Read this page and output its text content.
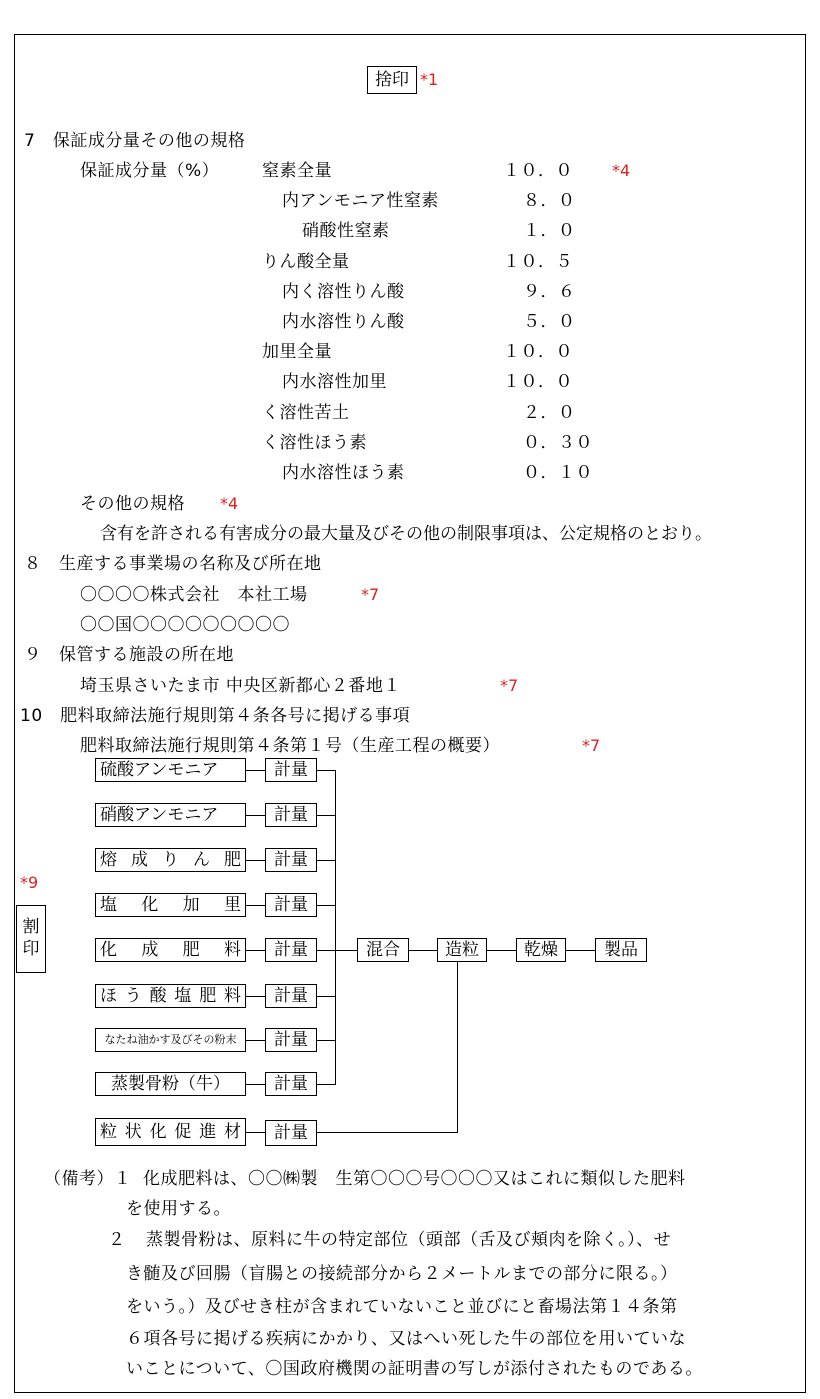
捨印 *1
7　保証成分量その他の規格
保証成分量（%）	窒素全量	１０．０ *4
内アンモニア性窒素	８．０
硝酸性窒素	１．０
りん酸全量	１０．５
内く溶性りん酸	９．６
内水溶性りん酸	５．０
加里全量	１０．０
内水溶性加里	１０．０
く溶性苦土	２．０
く溶性ほう素	０．３０
内水溶性ほう素	０．１０
その他の規格 *4
含有を許される有害成分の最大量及びその他の制限事項は、公定規格のとおり。
８　生産する事業場の名称及び所在地
〇〇〇〇株式会社　本社工場	*7
〇〇国〇〇〇〇〇〇〇〇〇
９　保管する施設の所在地
埼玉県さいたま市 中央区新都心２番地１	*7
10　肥料取締法施行規則第４条各号に掲げる事項
肥料取締法施行規則第４条第１号（生産工程の概要）	*7
硫酸アンモニア
硝酸アンモニア
熔 成 り ん 肥
塩 化 加 里
化 成 肥 料
ほ う 酸 塩 肥 料
なたね油かす及びその粉末
蒸製骨粉（牛）
粒 状 化 促 進 材
計量
計量
計量
計量
計量
計量
計量
計量
計量
混合	造粒	乾燥	製品
*9
割
印
（備考）１ 化成肥料は、〇〇㈱製　生第〇〇〇号〇〇〇又はこれに類似した肥料
を使用する。
２ 蒸製骨粉は、原料に牛の特定部位（頭部（舌及び頬肉を除く。）、せ
き髄及び回腸（盲腸との接続部分から２メートルまでの部分に限る。）
をいう。）及びせき柱が含まれていないこと並びにと畜場法第１４条第
６項各号に掲げる疾病にかかり、又はへい死した牛の部位を用いていな
いことについて、〇国政府機関の証明書の写しが添付されたものである。
